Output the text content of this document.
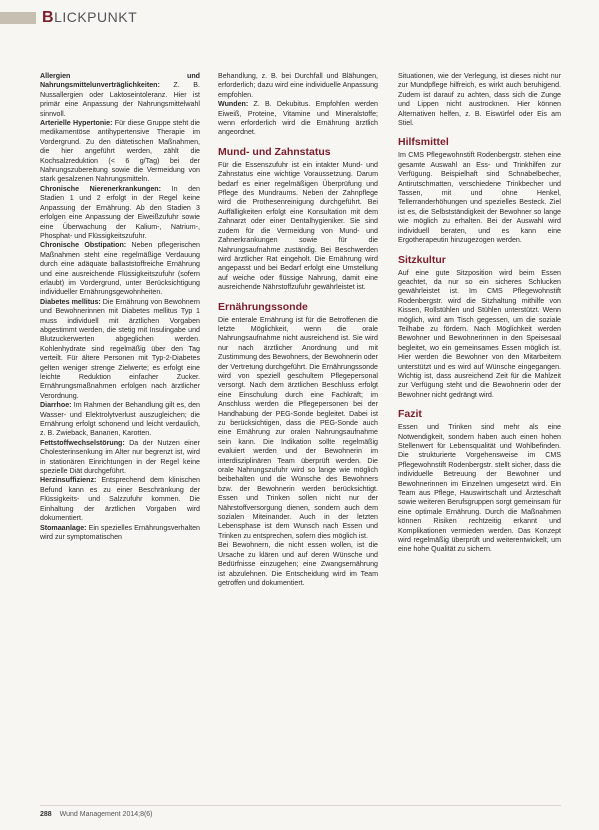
BLICKPUNKT

Allergien und Nahrungsmittelunverträglichkeiten: Z. B. Nussallergien oder Laktoseintoleranz. Hier ist primär eine Anpassung der Nahrungsmittelwahl sinnvoll.

Arterielle Hypertonie: Für diese Gruppe steht die medikamentöse antihypertensive Therapie im Vordergrund. Zu den diätetischen Maßnahmen, die hier angeführt werden, zählt die Kochsalzreduktion (< 6 g/Tag) bei der Nahrungszubereitung sowie die Vermeidung von stark gesalzenen Nahrungsmitteln.

Chronische Nierenerkrankungen: In den Stadien 1 und 2 erfolgt in der Regel keine Anpassung der Ernährung. Ab den Stadien 3 erfolgen eine Anpassung der Eiweißzufuhr sowie eine Überwachung der Kalium-, Natrium-, Phosphat- und Flüssigkeitszufuhr.

Chronische Obstipation: Neben pflegerischen Maßnahmen steht eine regelmäßige Verdauung durch eine adäquate ballaststoffreiche Ernährung und eine ausreichende Flüssigkeitszufuhr (sofern erlaubt) im Vordergrund, unter Berücksichtigung individueller Ernährungsgewohnheiten.

Diabetes mellitus: Die Ernährung von Bewohnern und Bewohnerinnen mit Diabetes mellitus Typ 1 muss individuell mit ärztlichen Vorgaben abgestimmt werden, die stetig mit Insulingabe und Blutzuckerwerten abgeglichen werden. Kohlenhydrate sind regelmäßig über den Tag verteilt. Für ältere Personen mit Typ-2-Diabetes gelten weniger strenge Zielwerte; es erfolgt eine leichte Reduktion einfacher Zucker. Ernährungsmaßnahmen erfolgen nach ärztlicher Verordnung.

Diarrhoe: Im Rahmen der Behandlung gilt es, den Wasser- und Elektrolytverlust auszugleichen; die Ernährung erfolgt schonend und leicht verdaulich, z. B. Zwieback, Bananen, Karotten.

Fettstoffwechselstörung: Da der Nutzen einer Cholesterinsenkung im Alter nur begrenzt ist, wird in stationären Einrichtungen in der Regel keine spezielle Diät durchgeführt.

Herzinsuffizienz: Entsprechend dem klinischen Befund kann es zu einer Beschränkung der Flüssigkeits- und Salzzufuhr kommen. Die Einhaltung der ärztlichen Vorgaben wird dokumentiert.

Stomaanlage: Ein spezielles Ernährungsverhalten wird zur symptomatischen

Behandlung, z. B. bei Durchfall und Blähungen, erforderlich; dazu wird eine individuelle Anpassung empfohlen.

Wunden: Z. B. Dekubitus. Empfohlen werden Eiweiß, Proteine, Vitamine und Mineralstoffe; wenn erforderlich wird die Ernährung ärztlich angeordnet.

Mund- und Zahnstatus

Für die Essenszufuhr ist ein intakter Mund- und Zahnstatus eine wichtige Voraussetzung. Darum bedarf es einer regelmäßigen Überprüfung und Pflege des Mundraums. Neben der Zahnpflege wird die Prothesenreinigung durchgeführt. Bei Auffälligkeiten erfolgt eine Konsultation mit dem Zahnarzt oder einer Dentalhygieniker. Sie sind zudem für die Vermeidung von Mund- und Zahnerkrankungen sowie für die Nahrungsaufnahme zuständig. Bei Beschwerden wird ärztlicher Rat eingeholt. Die Ernährung wird angepasst und bei Bedarf erfolgt eine Umstellung auf weiche oder flüssige Nahrung, damit eine ausreichende Nährstoffzufuhr gewährleistet ist.

Ernährungssonde

Die enterale Ernährung ist für die Betroffenen die letzte Möglichkeit, wenn die orale Nahrungsaufnahme nicht ausreichend ist. Sie wird nur nach ärztlicher Anordnung und mit Zustimmung des Bewohners, der Bewohnerin oder der Vertretung durchgeführt. Die Ernährungssonde wird von speziell geschultem Pflegepersonal versorgt. Nach dem ärztlichen Beschluss erfolgt eine Einschulung durch eine Fachkraft; im Anschluss werden die Pflegepersonen bei der Handhabung der PEG-Sonde begleitet. Dabei ist zu berücksichtigen, dass die PEG-Sonde auch eine Ernährung zur oralen Nahrungsaufnahme sein kann. Die Indikation sollte regelmäßig evaluiert werden und der Bewohnerin im interdisziplinären Team überprüft werden. Die orale Nahrungszufuhr wird so lange wie möglich beibehalten und die Wünsche des Bewohners bzw. der Bewohnerin werden berücksichtigt. Essen und Trinken sollen nicht nur der Nährstoffversorgung dienen, sondern auch dem sozialen Miteinander. Auch in der letzten Lebensphase ist dem Wunsch nach Essen und Trinken zu entsprechen, sofern dies möglich ist.

Bei Bewohnern, die nicht essen wollen, ist die Ursache zu klären und auf deren Wünsche und Bedürfnisse einzugehen; eine Zwangsernährung ist abzulehnen. Die Entscheidung wird im Team getroffen und dokumentiert.

Situationen, wie der Verlegung, ist dieses nicht nur zur Mundpflege hilfreich, es wirkt auch beruhigend. Zudem ist darauf zu achten, dass sich die Zunge und Lippen nicht austrocknen. Hier können Alternativen helfen, z. B. Eiswürfel oder Eis am Stiel.

Hilfsmittel

Im CMS Pflegewohnstift Rodenbergstr. stehen eine gesamte Auswahl an Ess- und Trinkhilfen zur Verfügung. Beispielhaft sind Schnabelbecher, Antirutschmatten, verschiedene Trinkbecher und Tassen, mit und ohne Henkel, Tellerranderhöhungen und spezielles Besteck. Ziel ist es, die Selbstständigkeit der Bewohner so lange wie möglich zu erhalten. Bei der Auswahl wird individuell beraten, und es kann eine Ergotherapeutin hinzugezogen werden.

Sitzkultur

Auf eine gute Sitzposition wird beim Essen geachtet, da nur so ein sicheres Schlucken gewährleistet ist. Im CMS Pflegewohnstift Rodenbergstr. wird die Sitzhaltung mithilfe von Kissen, Rollstühlen und Stühlen unterstützt. Wenn möglich, wird am Tisch gegessen, um die soziale Teilhabe zu fördern. Nach Möglichkeit werden Bewohner und Bewohnerinnen in den Speisesaal begleitet, wo ein gemeinsames Essen möglich ist. Hier werden die Bewohner von den Mitarbeitern unterstützt und es wird auf Wünsche eingegangen. Wichtig ist, dass ausreichend Zeit für die Mahlzeit zur Verfügung steht und die Bewohnerin oder der Bewohner nicht gedrängt wird.

Fazit

Essen und Trinken sind mehr als eine Notwendigkeit, sondern haben auch einen hohen Stellenwert für Lebensqualität und Wohlbefinden. Die strukturierte Vorgehensweise im CMS Pflegewohnstift Rodenbergstr. stellt sicher, dass die individuelle Betreuung der Bewohner und Bewohnerinnen im Einzelnen umgesetzt wird. Ein Team aus Pflege, Hauswirtschaft und Ärzteschaft sowie weiteren Berufsgruppen sorgt gemeinsam für eine optimale Ernährung. Durch die Maßnahmen können Risiken rechtzeitig erkannt und Komplikationen vermieden werden. Das Konzept wird regelmäßig überprüft und weiterentwickelt, um eine hohe Qualität zu sichern.

288 Wund Management 2014;8(6)
